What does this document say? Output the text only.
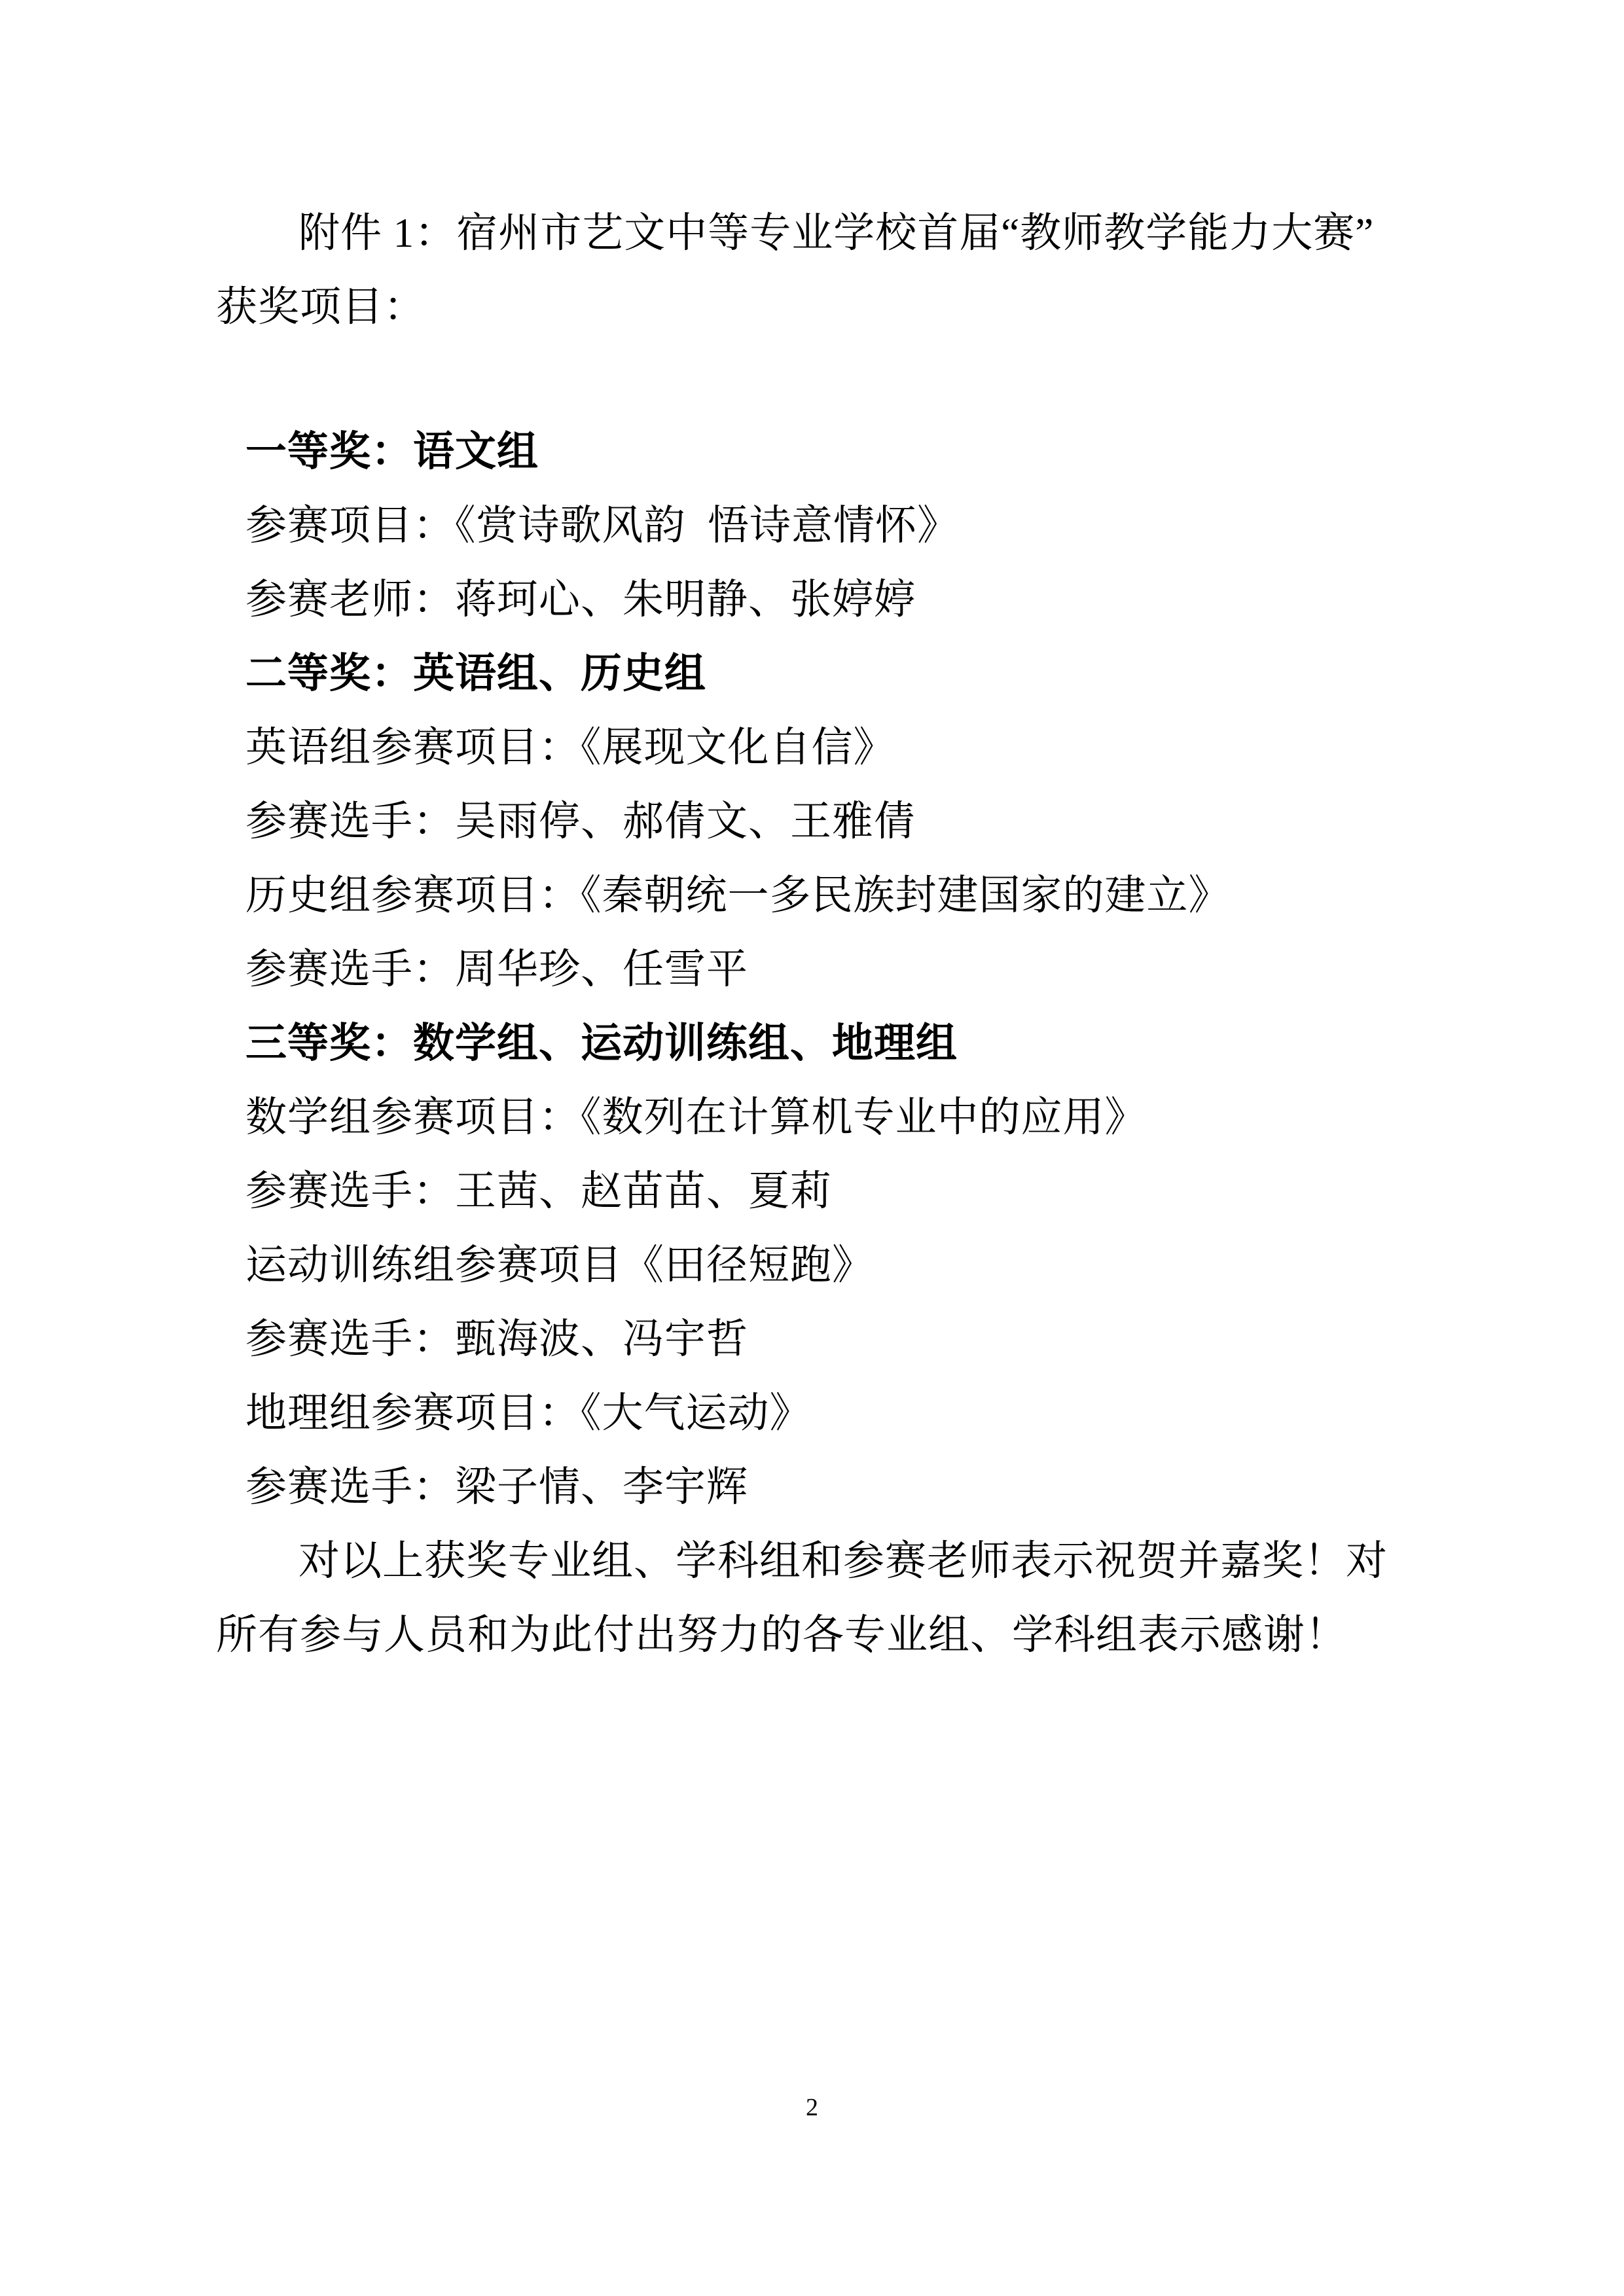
附件 1：宿州市艺文中等专业学校首届“教师教学能力大赛”获奖项目：

一等奖：语文组

参赛项目：《赏诗歌风韵  悟诗意情怀》

参赛老师：蒋珂心、朱明静、张婷婷

二等奖：英语组、历史组

英语组参赛项目：《展现文化自信》

参赛选手：吴雨停、郝倩文、王雅倩

历史组参赛项目：《秦朝统一多民族封建国家的建立》

参赛选手：周华珍、任雪平

三等奖：数学组、运动训练组、地理组

数学组参赛项目：《数列在计算机专业中的应用》

参赛选手：王茜、赵苗苗、夏莉

运动训练组参赛项目《田径短跑》

参赛选手：甄海波、冯宇哲

地理组参赛项目：《大气运动》

参赛选手：梁子情、李宇辉

对以上获奖专业组、学科组和参赛老师表示祝贺并嘉奖！对所有参与人员和为此付出努力的各专业组、学科组表示感谢！

2
